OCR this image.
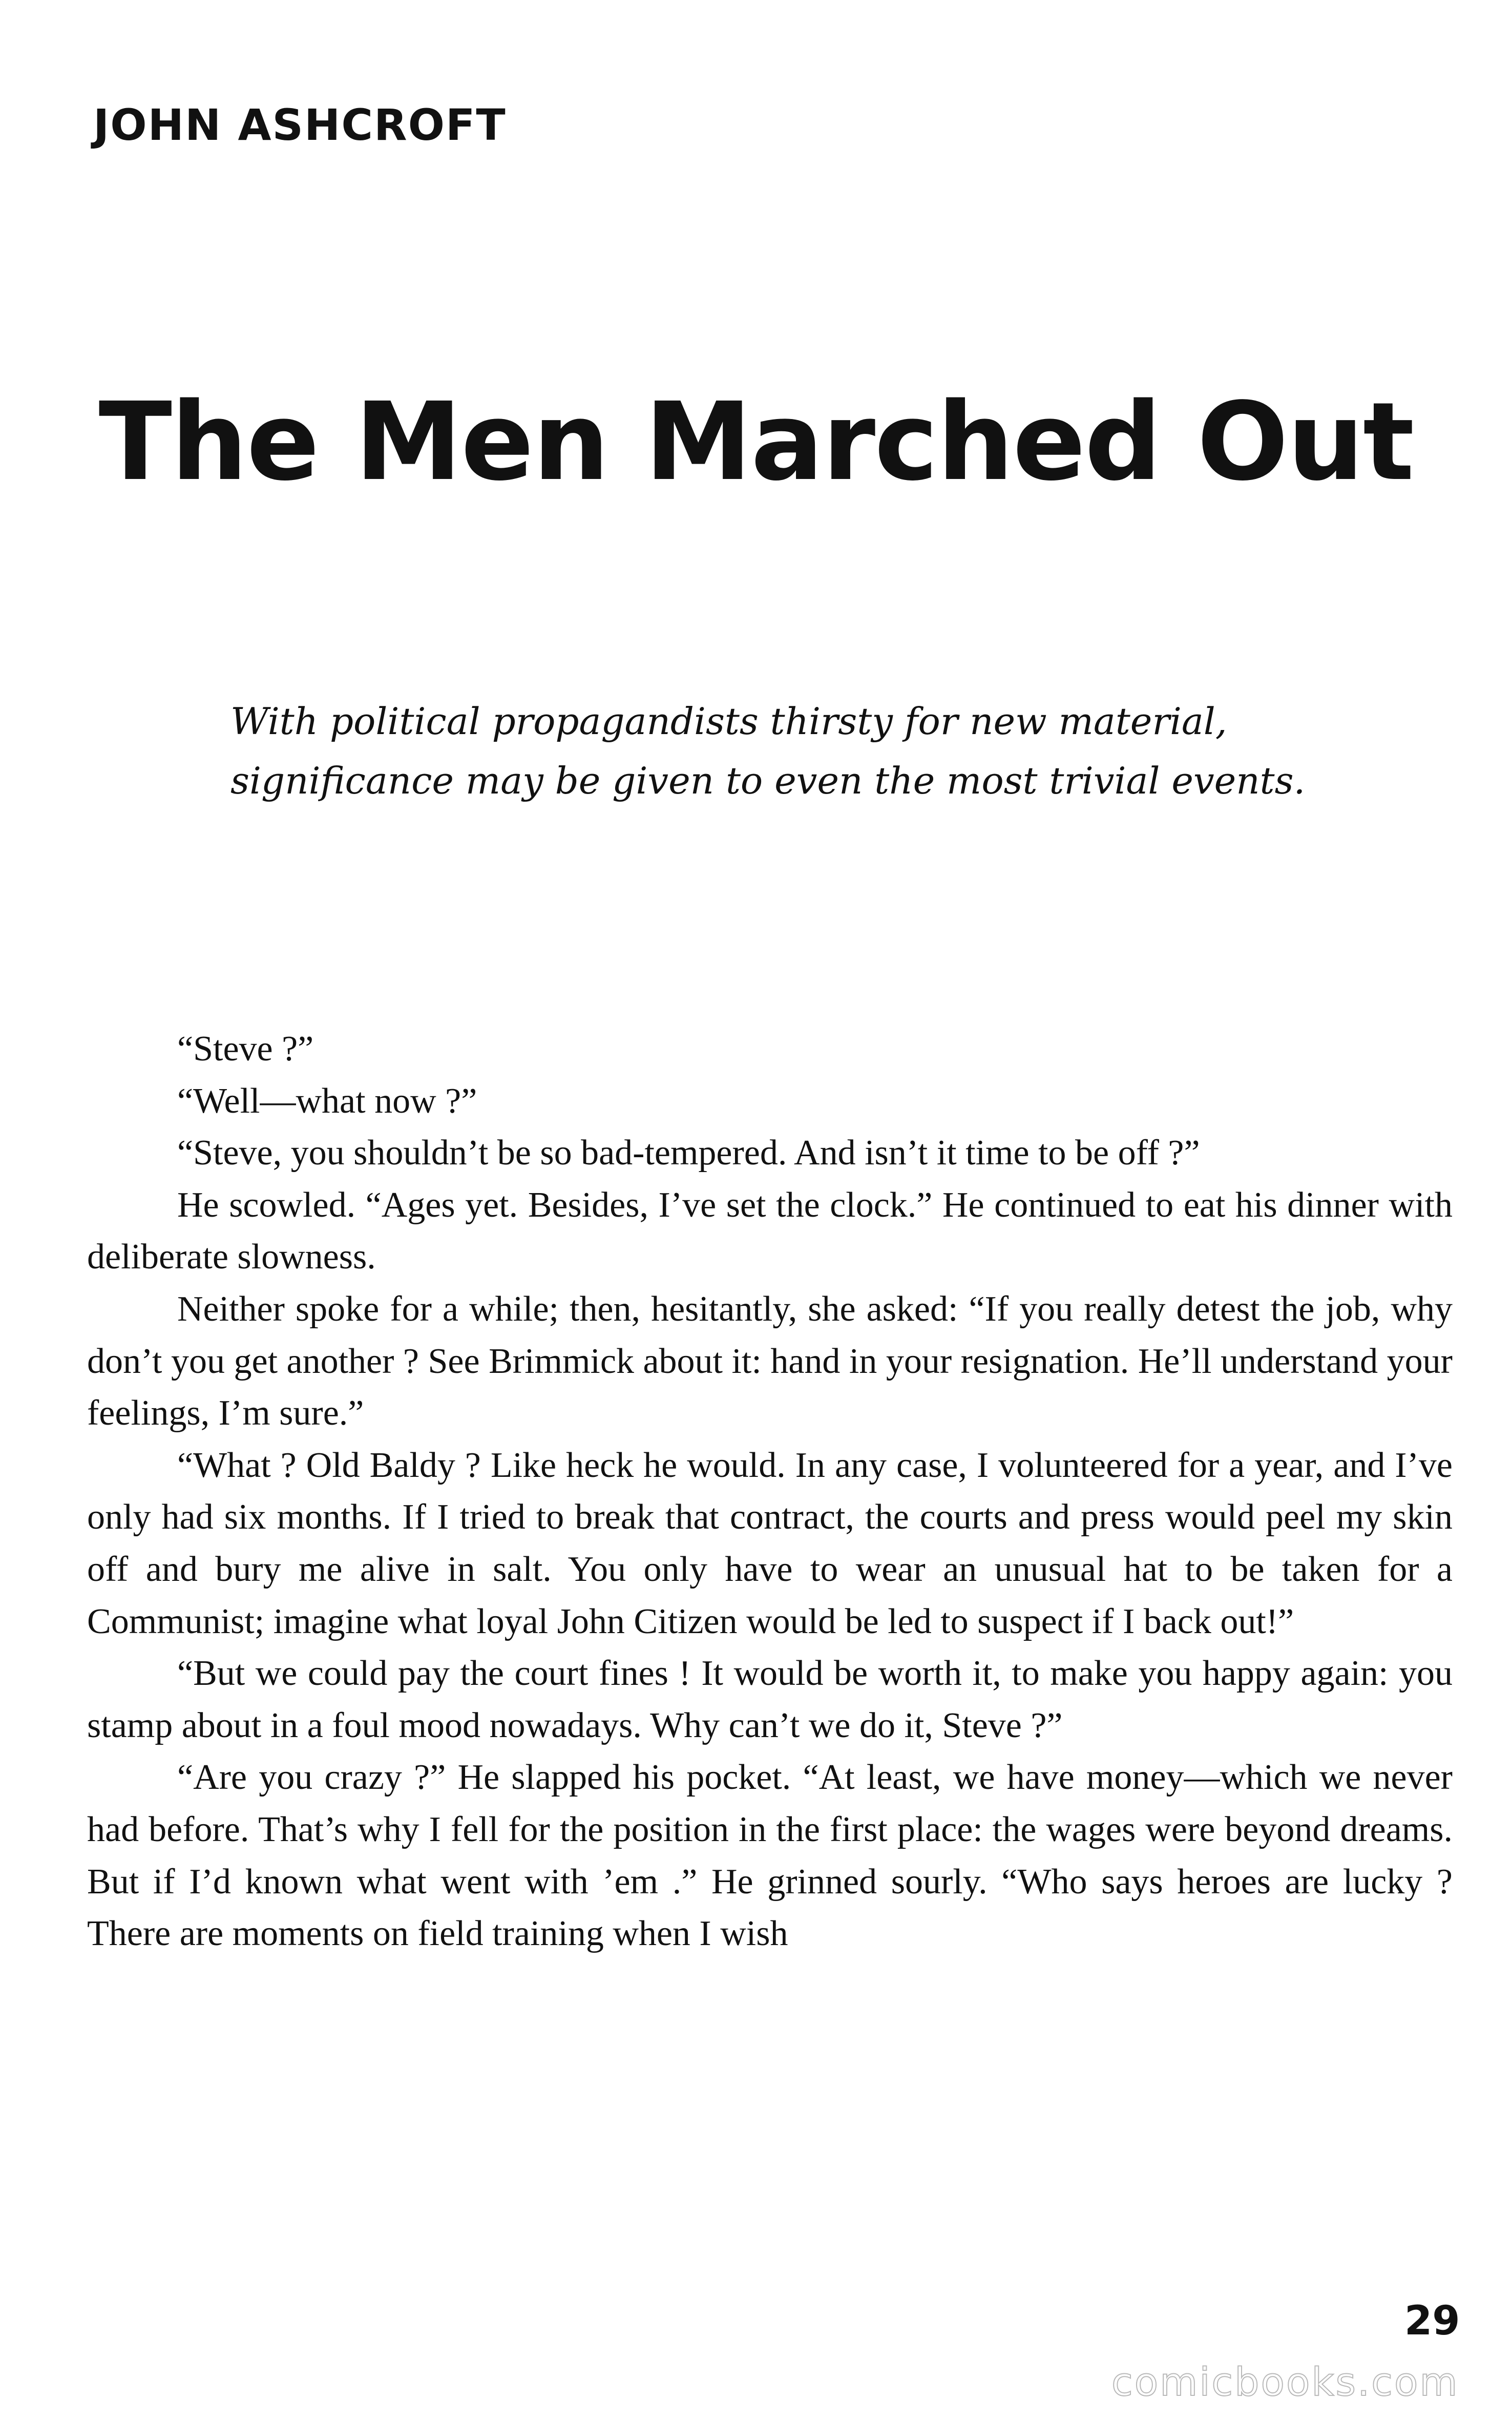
JOHN ASHCROFT
The Men Marched Out
With political propagandists thirsty for new material,
significance may be given to even the most trivial events.

“Steve ?”

“Well—what now ?”

“Steve, you shouldn’t be so bad-tempered. And isn’t it time to be off ?”

He scowled. “Ages yet. Besides, I’ve set the clock.” He continued to eat his dinner with deliberate slowness.

Neither spoke for a while; then, hesitantly, she asked: “If you really detest the job, why don’t you get another ? See Brimmick about it: hand in your resignation. He’ll understand your feelings, I’m sure.”

“What ? Old Baldy ? Like heck he would. In any case, I volunteered for a year, and I’ve only had six months. If I tried to break that contract, the courts and press would peel my skin off and bury me alive in salt. You only have to wear an unusual hat to be taken for a Communist; imagine what loyal John Citizen would be led to suspect if I back out!”

“But we could pay the court fines ! It would be worth it, to make you happy again: you stamp about in a foul mood nowadays. Why can’t we do it, Steve ?”

“Are you crazy ?” He slapped his pocket. “At least, we have money—which we never had before. That’s why I fell for the position in the first place: the wages were beyond dreams. But if I’d known what went with ’em .” He grinned sourly. “Who says heroes are lucky ? There are moments on field training when I wish

29
comicbooks.com
